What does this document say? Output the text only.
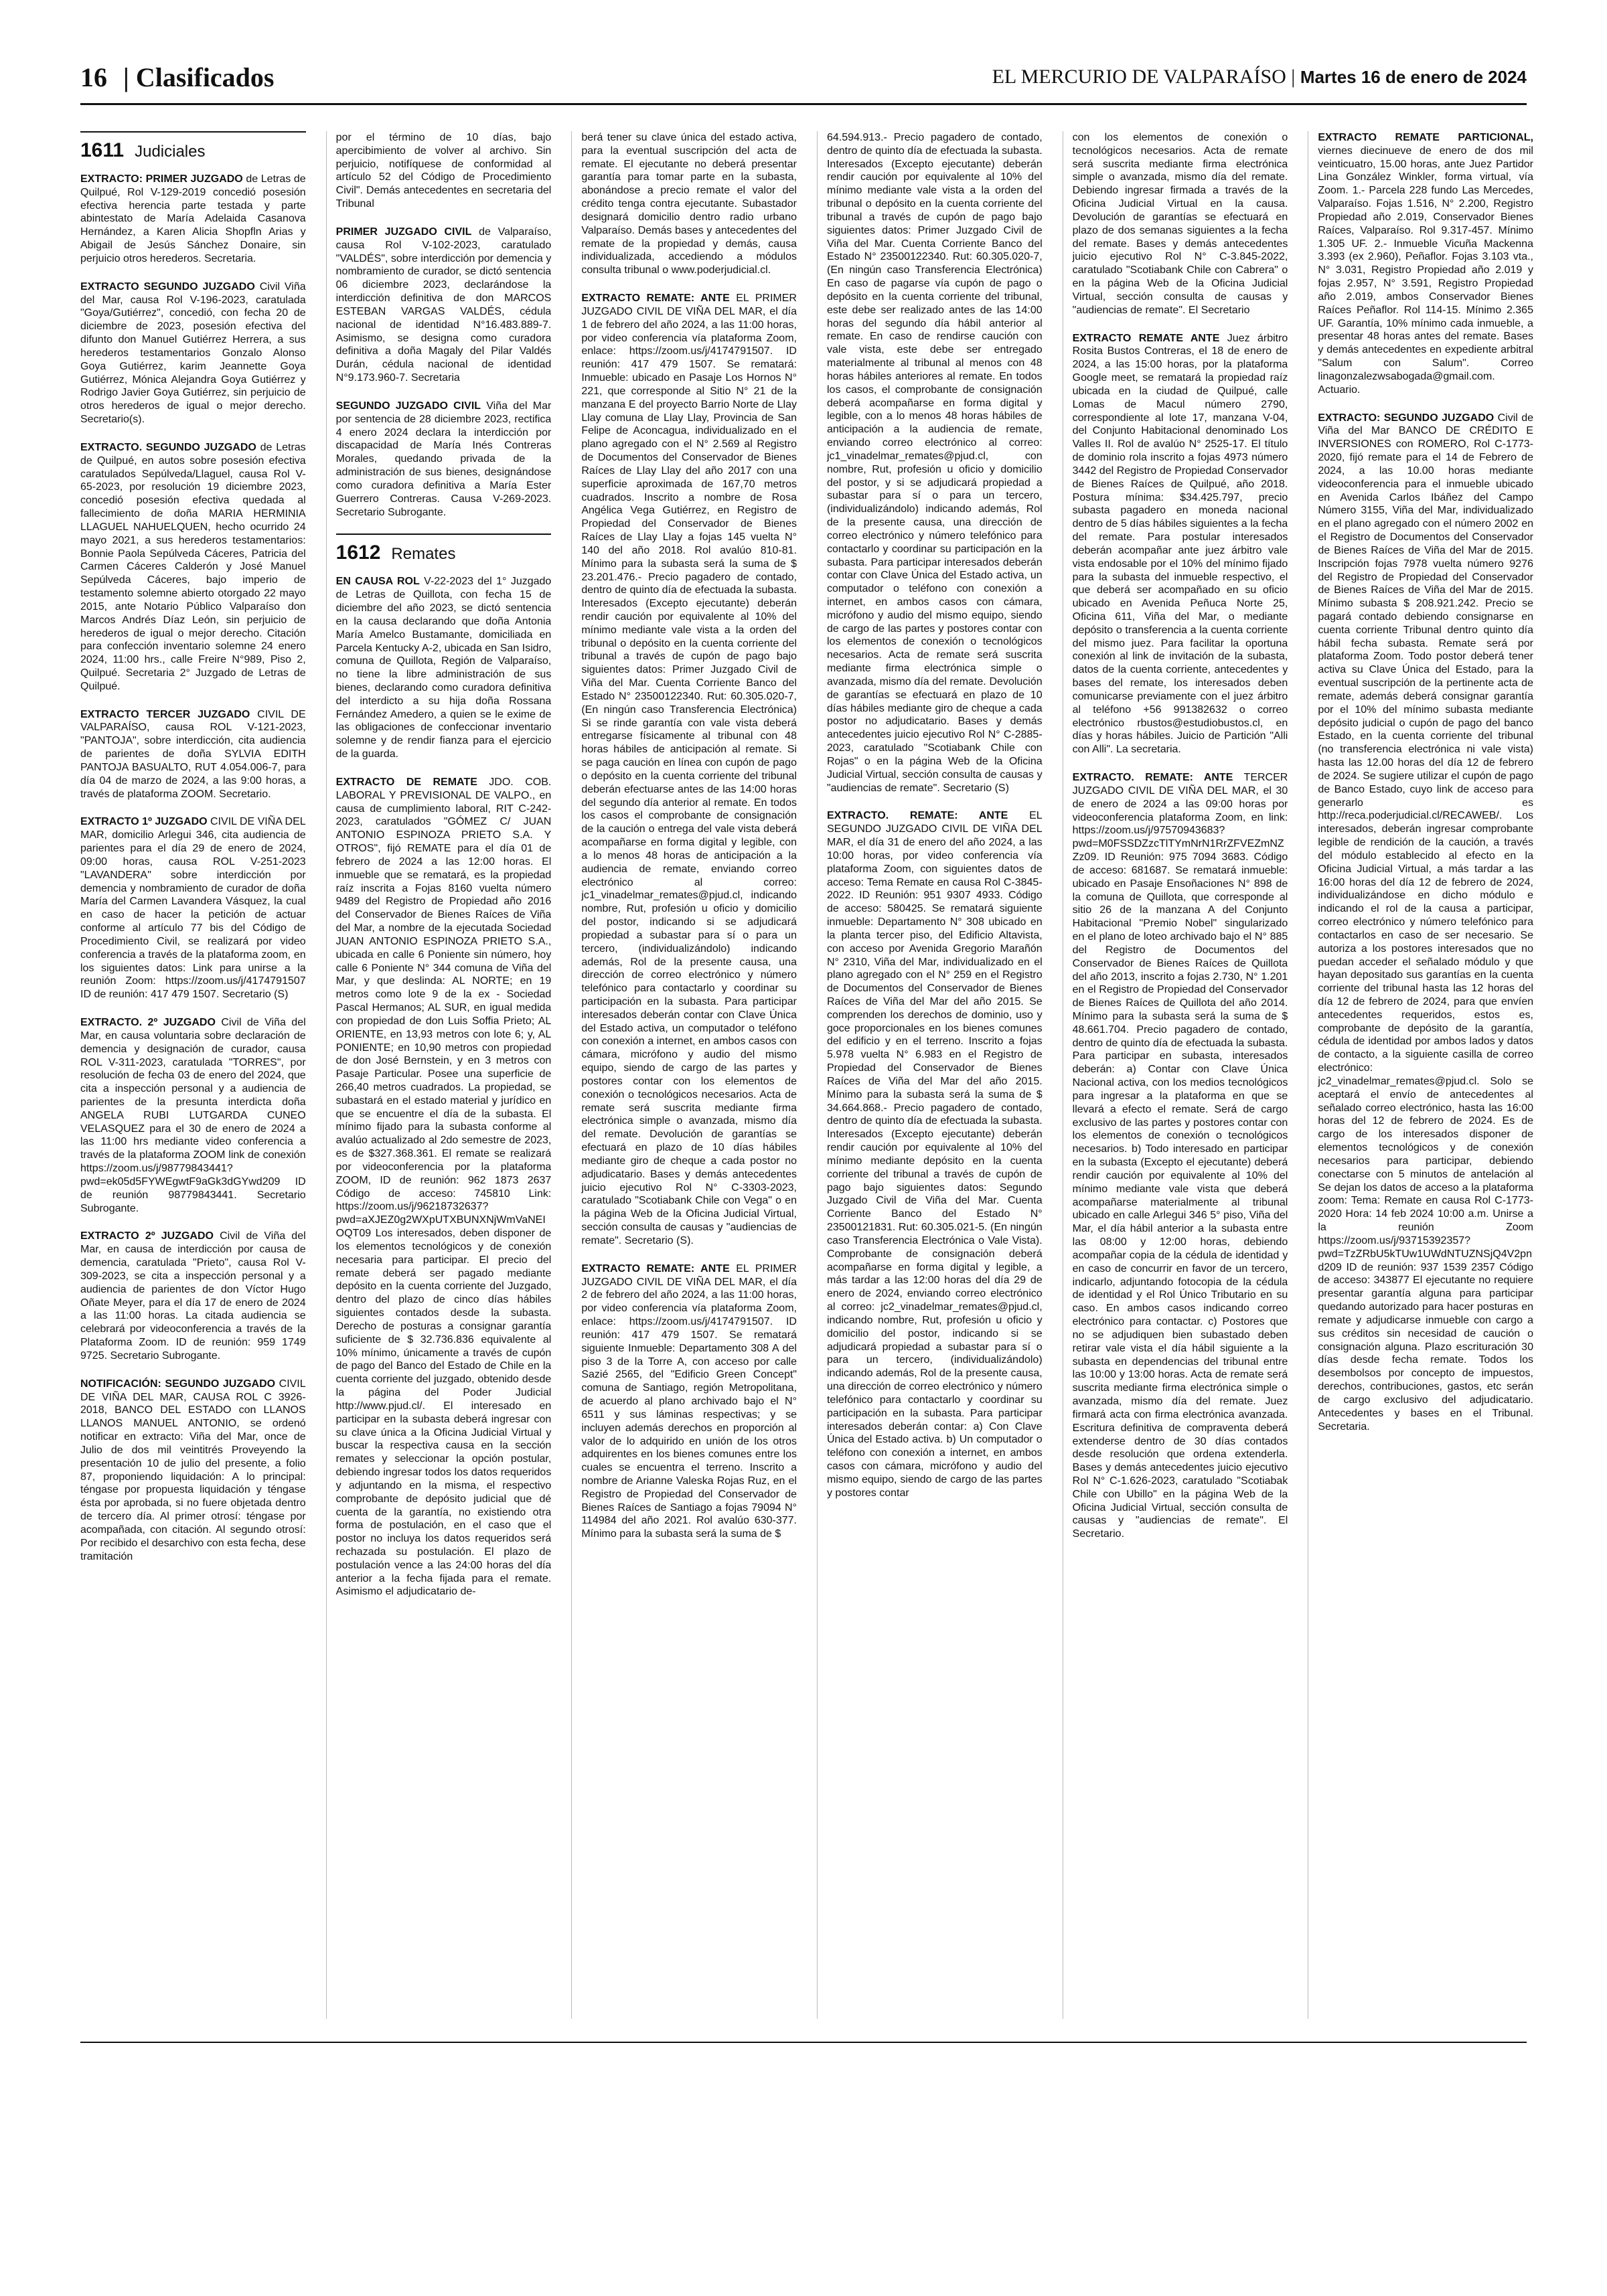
16 | Clasificados	EL MERCURIO DE VALPARAÍSO | Martes 16 de enero de 2024
1611 Judiciales

EXTRACTO: PRIMER JUZGADO de Letras de Quilpué, Rol V-129-2019 concedió posesión efectiva herencia parte testada y parte abintestato de María Adelaida Casanova Hernández, a Karen Alicia Shopfln Arias y Abigail de Jesús Sánchez Donaire, sin perjuicio otros herederos. Secretaria.

EXTRACTO SEGUNDO JUZGADO Civil Viña del Mar, causa Rol V-196-2023, caratulada "Goya/Gutiérrez", concedió, con fecha 20 de diciembre de 2023, posesión efectiva del difunto don Manuel Gutiérrez Herrera, a sus herederos testamentarios Gonzalo Alonso Goya Gutiérrez, karim Jeannette Goya Gutiérrez, Mónica Alejandra Goya Gutiérrez y Rodrigo Javier Goya Gutiérrez, sin perjuicio de otros herederos de igual o mejor derecho. Secretario(s).

EXTRACTO. SEGUNDO JUZGADO de Letras de Quilpué, en autos sobre posesión efectiva caratulados Sepúlveda/Llaguel, causa Rol V-65-2023, por resolución 19 diciembre 2023, concedió posesión efectiva quedada al fallecimiento de doña MARIA HERMINIA LLAGUEL NAHUELQUEN, hecho ocurrido 24 mayo 2021, a sus herederos testamentarios: Bonnie Paola Sepúlveda Cáceres, Patricia del Carmen Cáceres Calderón y José Manuel Sepúlveda Cáceres, bajo imperio de testamento solemne abierto otorgado 22 mayo 2015, ante Notario Público Valparaíso don Marcos Andrés Díaz León, sin perjuicio de herederos de igual o mejor derecho. Citación para confección inventario solemne 24 enero 2024, 11:00 hrs., calle Freire N°989, Piso 2, Quilpué. Secretaria 2° Juzgado de Letras de Quilpué.

EXTRACTO TERCER JUZGADO CIVIL DE VALPARAÍSO, causa ROL V-121-2023, "PANTOJA", sobre interdicción, cita audiencia de parientes de doña SYLVIA EDITH PANTOJA BASUALTO, RUT 4.054.006-7, para día 04 de marzo de 2024, a las 9:00 horas, a través de plataforma ZOOM. Secretario.

EXTRACTO 1º JUZGADO CIVIL DE VIÑA DEL MAR, domicilio Arlegui 346, cita audiencia de parientes para el día 29 de enero de 2024, 09:00 horas, causa ROL V-251-2023 "LAVANDERA" sobre interdicción por demencia y nombramiento de curador de doña María del Carmen Lavandera Vásquez, la cual en caso de hacer la petición de actuar conforme al artículo 77 bis del Código de Procedimiento Civil, se realizará por video conferencia a través de la plataforma zoom, en los siguientes datos: Link para unirse a la reunión Zoom: https://zoom.us/j/4174791507 ID de reunión: 417 479 1507. Secretario (S)

EXTRACTO. 2º JUZGADO Civil de Viña del Mar, en causa voluntaria sobre declaración de demencia y designación de curador, causa ROL V-311-2023, caratulada "TORRES", por resolución de fecha 03 de enero del 2024, que cita a inspección personal y a audiencia de parientes de la presunta interdicta doña ANGELA RUBI LUTGARDA CUNEO VELASQUEZ para el 30 de enero de 2024 a las 11:00 hrs mediante video conferencia a través de la plataforma ZOOM link de conexión https://zoom.us/j/98779843441?pwd=ek05d5FYWEgwtF9aGk3dGYwd209 ID de reunión 98779843441. Secretario Subrogante.

EXTRACTO 2º JUZGADO Civil de Viña del Mar, en causa de interdicción por causa de demencia, caratulada "Prieto", causa Rol V-309-2023, se cita a inspección personal y a audiencia de parientes de don Víctor Hugo Oñate Meyer, para el día 17 de enero de 2024 a las 11:00 horas. La citada audiencia se celebrará por videoconferencia a través de la Plataforma Zoom. ID de reunión: 959 1749 9725. Secretario Subrogante.

NOTIFICACIÓN: SEGUNDO JUZGADO CIVIL DE VIÑA DEL MAR, CAUSA ROL C 3926-2018, BANCO DEL ESTADO con LLANOS LLANOS MANUEL ANTONIO, se ordenó notificar en extracto: Viña del Mar, once de Julio de dos mil veintitrés Proveyendo la presentación 10 de julio del presente, a folio 87, proponiendo liquidación: A lo principal: téngase por propuesta liquidación y téngase ésta por aprobada, si no fuere objetada dentro de tercero día. Al primer otrosí: téngase por acompañada, con citación. Al segundo otrosí: Por recibido el desarchivo con esta fecha, dese tramitación

por el término de 10 días, bajo apercibimiento de volver al archivo. Sin perjuicio, notifíquese de conformidad al artículo 52 del Código de Procedimiento Civil". Demás antecedentes en secretaria del Tribunal

PRIMER JUZGADO CIVIL de Valparaíso, causa Rol V-102-2023, caratulado "VALDÉS", sobre interdicción por demencia y nombramiento de curador, se dictó sentencia 06 diciembre 2023, declarándose la interdicción definitiva de don MARCOS ESTEBAN VARGAS VALDÉS, cédula nacional de identidad N°16.483.889-7. Asimismo, se designa como curadora definitiva a doña Magaly del Pilar Valdés Durán, cédula nacional de identidad N°9.173.960-7. Secretaria

SEGUNDO JUZGADO CIVIL Viña del Mar por sentencia de 28 diciembre 2023, rectifica 4 enero 2024 declara la interdicción por discapacidad de María Inés Contreras Morales, quedando privada de la administración de sus bienes, designándose como curadora definitiva a María Ester Guerrero Contreras. Causa V-269-2023. Secretario Subrogante.

1612 Remates

EN CAUSA ROL V-22-2023 del 1° Juzgado de Letras de Quillota, con fecha 15 de diciembre del año 2023, se dictó sentencia en la causa declarando que doña Antonia María Amelco Bustamante, domiciliada en Parcela Kentucky A-2, ubicada en San Isidro, comuna de Quillota, Región de Valparaíso, no tiene la libre administración de sus bienes, declarando como curadora definitiva del interdicto a su hija doña Rossana Fernández Amedero, a quien se le exime de las obligaciones de confeccionar inventario solemne y de rendir fianza para el ejercicio de la guarda.

EXTRACTO DE REMATE JDO. COB. LABORAL Y PREVISIONAL DE VALPO., en causa de cumplimiento laboral, RIT C-242-2023, caratulados "GÓMEZ C/ JUAN ANTONIO ESPINOZA PRIETO S.A. Y OTROS", fijó REMATE para el día 01 de febrero de 2024 a las 12:00 horas. El inmueble que se rematará, es la propiedad raíz inscrita a Fojas 8160 vuelta número 9489 del Registro de Propiedad año 2016 del Conservador de Bienes Raíces de Viña del Mar, a nombre de la ejecutada Sociedad JUAN ANTONIO ESPINOZA PRIETO S.A., ubicada en calle 6 Poniente sin número, hoy calle 6 Poniente N° 344 comuna de Viña del Mar, y que deslinda: AL NORTE; en 19 metros como lote 9 de la ex - Sociedad Pascal Hermanos; AL SUR, en igual medida con propiedad de don Luis Soffia Prieto; AL ORIENTE, en 13,93 metros con lote 6; y, AL PONIENTE; en 10,90 metros con propiedad de don José Bernstein, y en 3 metros con Pasaje Particular. Posee una superficie de 266,40 metros cuadrados. La propiedad, se subastará en el estado material y jurídico en que se encuentre el día de la subasta. El mínimo fijado para la subasta conforme al avalúo actualizado al 2do semestre de 2023, es de $327.368.361. El remate se realizará por videoconferencia por la plataforma ZOOM, ID de reunión: 962 1873 2637 Código de acceso: 745810 Link: https://zoom.us/j/96218732637?pwd=aXJEZ0g2WXpUTXBUNXNjWmVaNEIOQT09 Los interesados, deben disponer de los elementos tecnológicos y de conexión necesaria para participar. El precio del remate deberá ser pagado mediante depósito en la cuenta corriente del Juzgado, dentro del plazo de cinco días hábiles siguientes contados desde la subasta. Derecho de posturas a consignar garantía suficiente de $ 32.736.836 equivalente al 10% mínimo, únicamente a través de cupón de pago del Banco del Estado de Chile en la cuenta corriente del juzgado, obtenido desde la página del Poder Judicial http://www.pjud.cl/. El interesado en participar en la subasta deberá ingresar con su clave única a la Oficina Judicial Virtual y buscar la respectiva causa en la sección remates y seleccionar la opción postular, debiendo ingresar todos los datos requeridos y adjuntando en la misma, el respectivo comprobante de depósito judicial que dé cuenta de la garantía, no existiendo otra forma de postulación, en el caso que el postor no incluya los datos requeridos será rechazada su postulación. El plazo de postulación vence a las 24:00 horas del día anterior a la fecha fijada para el remate. Asimismo el adjudicatario de-

berá tener su clave única del estado activa, para la eventual suscripción del acta de remate. El ejecutante no deberá presentar garantía para tomar parte en la subasta, abonándose a precio remate el valor del crédito tenga contra ejecutante. Subastador designará domicilio dentro radio urbano Valparaíso. Demás bases y antecedentes del remate de la propiedad y demás, causa individualizada, accediendo a módulos consulta tribunal o www.poderjudicial.cl.

EXTRACTO REMATE: ANTE EL PRIMER JUZGADO CIVIL DE VIÑA DEL MAR, el día 1 de febrero del año 2024, a las 11:00 horas, por video conferencia vía plataforma Zoom, enlace: https://zoom.us/j/4174791507. ID reunión: 417 479 1507. Se rematará: Inmueble: ubicado en Pasaje Los Hornos N° 221, que corresponde al Sitio N° 21 de la manzana E del proyecto Barrio Norte de Llay Llay comuna de Llay Llay, Provincia de San Felipe de Aconcagua, individualizado en el plano agregado con el N° 2.569 al Registro de Documentos del Conservador de Bienes Raíces de Llay Llay del año 2017 con una superficie aproximada de 167,70 metros cuadrados. Inscrito a nombre de Rosa Angélica Vega Gutiérrez, en Registro de Propiedad del Conservador de Bienes Raíces de Llay Llay a fojas 145 vuelta N° 140 del año 2018. Rol avalúo 810-81. Mínimo para la subasta será la suma de $ 23.201.476.- Precio pagadero de contado, dentro de quinto día de efectuada la subasta. Interesados (Excepto ejecutante) deberán rendir caución por equivalente al 10% del mínimo mediante vale vista a la orden del tribunal o depósito en la cuenta corriente del tribunal a través de cupón de pago bajo siguientes datos: Primer Juzgado Civil de Viña del Mar. Cuenta Corriente Banco del Estado N° 23500122340. Rut: 60.305.020-7, (En ningún caso Transferencia Electrónica) Si se rinde garantía con vale vista deberá entregarse físicamente al tribunal con 48 horas hábiles de anticipación al remate. Si se paga caución en línea con cupón de pago o depósito en la cuenta corriente del tribunal deberán efectuarse antes de las 14:00 horas del segundo día anterior al remate. En todos los casos el comprobante de consignación de la caución o entrega del vale vista deberá acompañarse en forma digital y legible, con a lo menos 48 horas de anticipación a la audiencia de remate, enviando correo electrónico al correo: jc1_vinadelmar_remates@pjud.cl, indicando nombre, Rut, profesión u oficio y domicilio del postor, indicando si se adjudicará propiedad a subastar para sí o para un tercero, (individualizándolo) indicando además, Rol de la presente causa, una dirección de correo electrónico y número telefónico para contactarlo y coordinar su participación en la subasta. Para participar interesados deberán contar con Clave Única del Estado activa, un computador o teléfono con conexión a internet, en ambos casos con cámara, micrófono y audio del mismo equipo, siendo de cargo de las partes y postores contar con los elementos de conexión o tecnológicos necesarios. Acta de remate será suscrita mediante firma electrónica simple o avanzada, mismo día del remate. Devolución de garantías se efectuará en plazo de 10 días hábiles mediante giro de cheque a cada postor no adjudicatario. Bases y demás antecedentes juicio ejecutivo Rol N° C-3303-2023, caratulado "Scotiabank Chile con Vega" o en la página Web de la Oficina Judicial Virtual, sección consulta de causas y "audiencias de remate". Secretario (S).

EXTRACTO REMATE: ANTE EL PRIMER JUZGADO CIVIL DE VIÑA DEL MAR, el día 2 de febrero del año 2024, a las 11:00 horas, por video conferencia vía plataforma Zoom, enlace: https://zoom.us/j/4174791507. ID reunión: 417 479 1507. Se rematará siguiente Inmueble: Departamento 308 A del piso 3 de la Torre A, con acceso por calle Sazié 2565, del "Edificio Green Concept" comuna de Santiago, región Metropolitana, de acuerdo al plano archivado bajo el N° 6511 y sus láminas respectivas; y se incluyen además derechos en proporción al valor de lo adquirido en unión de los otros adquirentes en los bienes comunes entre los cuales se encuentra el terreno. Inscrito a nombre de Arianne Valeska Rojas Ruz, en el Registro de Propiedad del Conservador de Bienes Raíces de Santiago a fojas 79094 N° 114984 del año 2021. Rol avalúo 630-377. Mínimo para la subasta será la suma de $

64.594.913.- Precio pagadero de contado, dentro de quinto día de efectuada la subasta. Interesados (Excepto ejecutante) deberán rendir caución por equivalente al 10% del mínimo mediante vale vista a la orden del tribunal o depósito en la cuenta corriente del tribunal a través de cupón de pago bajo siguientes datos: Primer Juzgado Civil de Viña del Mar. Cuenta Corriente Banco del Estado N° 23500122340. Rut: 60.305.020-7, (En ningún caso Transferencia Electrónica) En caso de pagarse vía cupón de pago o depósito en la cuenta corriente del tribunal, este debe ser realizado antes de las 14:00 horas del segundo día hábil anterior al remate. En caso de rendirse caución con vale vista, este debe ser entregado materialmente al tribunal al menos con 48 horas hábiles anteriores al remate. En todos los casos, el comprobante de consignación deberá acompañarse en forma digital y legible, con a lo menos 48 horas hábiles de anticipación a la audiencia de remate, enviando correo electrónico al correo: jc1_vinadelmar_remates@pjud.cl, con nombre, Rut, profesión u oficio y domicilio del postor, y si se adjudicará propiedad a subastar para sí o para un tercero, (individualizándolo) indicando además, Rol de la presente causa, una dirección de correo electrónico y número telefónico para contactarlo y coordinar su participación en la subasta. Para participar interesados deberán contar con Clave Única del Estado activa, un computador o teléfono con conexión a internet, en ambos casos con cámara, micrófono y audio del mismo equipo, siendo de cargo de las partes y postores contar con los elementos de conexión o tecnológicos necesarios. Acta de remate será suscrita mediante firma electrónica simple o avanzada, mismo día del remate. Devolución de garantías se efectuará en plazo de 10 días hábiles mediante giro de cheque a cada postor no adjudicatario. Bases y demás antecedentes juicio ejecutivo Rol N° C-2885-2023, caratulado "Scotiabank Chile con Rojas" o en la página Web de la Oficina Judicial Virtual, sección consulta de causas y "audiencias de remate". Secretario (S)

EXTRACTO. REMATE: ANTE EL SEGUNDO JUZGADO CIVIL DE VIÑA DEL MAR, el día 31 de enero del año 2024, a las 10:00 horas, por video conferencia vía plataforma Zoom, con siguientes datos de acceso: Tema Remate en causa Rol C-3845-2022. ID Reunión: 951 9307 4933. Código de acceso: 580425. Se rematará siguiente inmueble: Departamento N° 308 ubicado en la planta tercer piso, del Edificio Altavista, con acceso por Avenida Gregorio Marañón N° 2310, Viña del Mar, individualizado en el plano agregado con el N° 259 en el Registro de Documentos del Conservador de Bienes Raíces de Viña del Mar del año 2015. Se comprenden los derechos de dominio, uso y goce proporcionales en los bienes comunes del edificio y en el terreno. Inscrito a fojas 5.978 vuelta N° 6.983 en el Registro de Propiedad del Conservador de Bienes Raíces de Viña del Mar del año 2015. Mínimo para la subasta será la suma de $ 34.664.868.- Precio pagadero de contado, dentro de quinto día de efectuada la subasta. Interesados (Excepto ejecutante) deberán rendir caución por equivalente al 10% del mínimo mediante depósito en la cuenta corriente del tribunal a través de cupón de pago bajo siguientes datos: Segundo Juzgado Civil de Viña del Mar. Cuenta Corriente Banco del Estado N° 23500121831. Rut: 60.305.021-5. (En ningún caso Transferencia Electrónica o Vale Vista). Comprobante de consignación deberá acompañarse en forma digital y legible, a más tardar a las 12:00 horas del día 29 de enero de 2024, enviando correo electrónico al correo: jc2_vinadelmar_remates@pjud.cl, indicando nombre, Rut, profesión u oficio y domicilio del postor, indicando si se adjudicará propiedad a subastar para sí o para un tercero, (individualizándolo) indicando además, Rol de la presente causa, una dirección de correo electrónico y número telefónico para contactarlo y coordinar su participación en la subasta. Para participar interesados deberán contar: a) Con Clave Única del Estado activa. b) Un computador o teléfono con conexión a internet, en ambos casos con cámara, micrófono y audio del mismo equipo, siendo de cargo de las partes y postores contar

con los elementos de conexión o tecnológicos necesarios. Acta de remate será suscrita mediante firma electrónica simple o avanzada, mismo día del remate. Debiendo ingresar firmada a través de la Oficina Judicial Virtual en la causa. Devolución de garantías se efectuará en plazo de dos semanas siguientes a la fecha del remate. Bases y demás antecedentes juicio ejecutivo Rol N° C-3.845-2022, caratulado "Scotiabank Chile con Cabrera" o en la página Web de la Oficina Judicial Virtual, sección consulta de causas y "audiencias de remate". El Secretario

EXTRACTO REMATE ANTE Juez árbitro Rosita Bustos Contreras, el 18 de enero de 2024, a las 15:00 horas, por la plataforma Google meet, se rematará la propiedad raíz ubicada en la ciudad de Quilpué, calle Lomas de Macul número 2790, correspondiente al lote 17, manzana V-04, del Conjunto Habitacional denominado Los Valles II. Rol de avalúo N° 2525-17. El título de dominio rola inscrito a fojas 4973 número 3442 del Registro de Propiedad Conservador de Bienes Raíces de Quilpué, año 2018. Postura mínima: $34.425.797, precio subasta pagadero en moneda nacional dentro de 5 días hábiles siguientes a la fecha del remate. Para postular interesados deberán acompañar ante juez árbitro vale vista endosable por el 10% del mínimo fijado para la subasta del inmueble respectivo, el que deberá ser acompañado en su oficio ubicado en Avenida Peñuca Norte 25, Oficina 611, Viña del Mar, o mediante depósito o transferencia a la cuenta corriente del mismo juez. Para facilitar la oportuna conexión al link de invitación de la subasta, datos de la cuenta corriente, antecedentes y bases del remate, los interesados deben comunicarse previamente con el juez árbitro al teléfono +56 991382632 o correo electrónico rbustos@estudiobustos.cl, en días y horas hábiles. Juicio de Partición "Alli con Alli". La secretaria.

EXTRACTO. REMATE: ANTE TERCER JUZGADO CIVIL DE VIÑA DEL MAR, el 30 de enero de 2024 a las 09:00 horas por videoconferencia plataforma Zoom, en link: https://zoom.us/j/97570943683?pwd=M0FSSDZzcTlTYmNrN1RrZFVEZmNZZz09. ID Reunión: 975 7094 3683. Código de acceso: 681687. Se rematará inmueble: ubicado en Pasaje Ensoñaciones N° 898 de la comuna de Quillota, que corresponde al sitio 26 de la manzana A del Conjunto Habitacional "Premio Nobel" singularizado en el plano de loteo archivado bajo el N° 885 del Registro de Documentos del Conservador de Bienes Raíces de Quillota del año 2013, inscrito a fojas 2.730, N° 1.201 en el Registro de Propiedad del Conservador de Bienes Raíces de Quillota del año 2014. Mínimo para la subasta será la suma de $ 48.661.704. Precio pagadero de contado, dentro de quinto día de efectuada la subasta. Para participar en subasta, interesados deberán: a) Contar con Clave Única Nacional activa, con los medios tecnológicos para ingresar a la plataforma en que se llevará a efecto el remate. Será de cargo exclusivo de las partes y postores contar con los elementos de conexión o tecnológicos necesarios. b) Todo interesado en participar en la subasta (Excepto el ejecutante) deberá rendir caución por equivalente al 10% del mínimo mediante vale vista que deberá acompañarse materialmente al tribunal ubicado en calle Arlegui 346 5° piso, Viña del Mar, el día hábil anterior a la subasta entre las 08:00 y 12:00 horas, debiendo acompañar copia de la cédula de identidad y en caso de concurrir en favor de un tercero, indicarlo, adjuntando fotocopia de la cédula de identidad y el Rol Único Tributario en su caso. En ambos casos indicando correo electrónico para contactar. c) Postores que no se adjudiquen bien subastado deben retirar vale vista el día hábil siguiente a la subasta en dependencias del tribunal entre las 10:00 y 13:00 horas. Acta de remate será suscrita mediante firma electrónica simple o avanzada, mismo día del remate. Juez firmará acta con firma electrónica avanzada. Escritura definitiva de compraventa deberá extenderse dentro de 30 días contados desde resolución que ordena extenderla. Bases y demás antecedentes juicio ejecutivo Rol N° C-1.626-2023, caratulado "Scotiabak Chile con Ubillo" en la página Web de la Oficina Judicial Virtual, sección consulta de causas y "audiencias de remate". El Secretario.

EXTRACTO REMATE PARTICIONAL, viernes diecinueve de enero de dos mil veinticuatro, 15.00 horas, ante Juez Partidor Lina González Winkler, forma virtual, vía Zoom. 1.- Parcela 228 fundo Las Mercedes, Valparaíso. Fojas 1.516, N° 2.200, Registro Propiedad año 2.019, Conservador Bienes Raíces, Valparaíso. Rol 9.317-457. Mínimo 1.305 UF. 2.- Inmueble Vicuña Mackenna 3.393 (ex 2.960), Peñaflor. Fojas 3.103 vta., N° 3.031, Registro Propiedad año 2.019 y fojas 2.957, N° 3.591, Registro Propiedad año 2.019, ambos Conservador Bienes Raíces Peñaflor. Rol 114-15. Mínimo 2.365 UF. Garantía, 10% mínimo cada inmueble, a presentar 48 horas antes del remate. Bases y demás antecedentes en expediente arbitral "Salum con Salum". Correo linagonzalezwsabogada@gmail.com. Actuario.

EXTRACTO: SEGUNDO JUZGADO Civil de Viña del Mar BANCO DE CRÉDITO E INVERSIONES con ROMERO, Rol C-1773-2020, fijó remate para el 14 de Febrero de 2024, a las 10.00 horas mediante videoconferencia para el inmueble ubicado en Avenida Carlos Ibáñez del Campo Número 3155, Viña del Mar, individualizado en el plano agregado con el número 2002 en el Registro de Documentos del Conservador de Bienes Raíces de Viña del Mar de 2015. Inscripción fojas 7978 vuelta número 9276 del Registro de Propiedad del Conservador de Bienes Raíces de Viña del Mar de 2015. Mínimo subasta $ 208.921.242. Precio se pagará contado debiendo consignarse en cuenta corriente Tribunal dentro quinto día hábil fecha subasta. Remate será por plataforma Zoom. Todo postor deberá tener activa su Clave Única del Estado, para la eventual suscripción de la pertinente acta de remate, además deberá consignar garantía por el 10% del mínimo subasta mediante depósito judicial o cupón de pago del banco Estado, en la cuenta corriente del tribunal (no transferencia electrónica ni vale vista) hasta las 12.00 horas del día 12 de febrero de 2024. Se sugiere utilizar el cupón de pago de Banco Estado, cuyo link de acceso para generarlo es http://reca.poderjudicial.cl/RECAWEB/. Los interesados, deberán ingresar comprobante legible de rendición de la caución, a través del módulo establecido al efecto en la Oficina Judicial Virtual, a más tardar a las 16:00 horas del día 12 de febrero de 2024, individualizándose en dicho módulo e indicando el rol de la causa a participar, correo electrónico y número telefónico para contactarlos en caso de ser necesario. Se autoriza a los postores interesados que no puedan acceder el señalado módulo y que hayan depositado sus garantías en la cuenta corriente del tribunal hasta las 12 horas del día 12 de febrero de 2024, para que envíen antecedentes requeridos, estos es, comprobante de depósito de la garantía, cédula de identidad por ambos lados y datos de contacto, a la siguiente casilla de correo electrónico: jc2_vinadelmar_remates@pjud.cl. Solo se aceptará el envío de antecedentes al señalado correo electrónico, hasta las 16:00 horas del 12 de febrero de 2024. Es de cargo de los interesados disponer de elementos tecnológicos y de conexión necesarios para participar, debiendo conectarse con 5 minutos de antelación al Se dejan los datos de acceso a la plataforma zoom: Tema: Remate en causa Rol C-1773-2020 Hora: 14 feb 2024 10:00 a.m. Unirse a la reunión Zoom https://zoom.us/j/93715392357?pwd=TzZRbU5kTUw1UWdNTUZNSjQ4V2pnd209 ID de reunión: 937 1539 2357 Código de acceso: 343877 El ejecutante no requiere presentar garantía alguna para participar quedando autorizado para hacer posturas en remate y adjudicarse inmueble con cargo a sus créditos sin necesidad de caución o consignación alguna. Plazo escrituración 30 días desde fecha remate. Todos los desembolsos por concepto de impuestos, derechos, contribuciones, gastos, etc serán de cargo exclusivo del adjudicatario. Antecedentes y bases en el Tribunal. Secretaria.
